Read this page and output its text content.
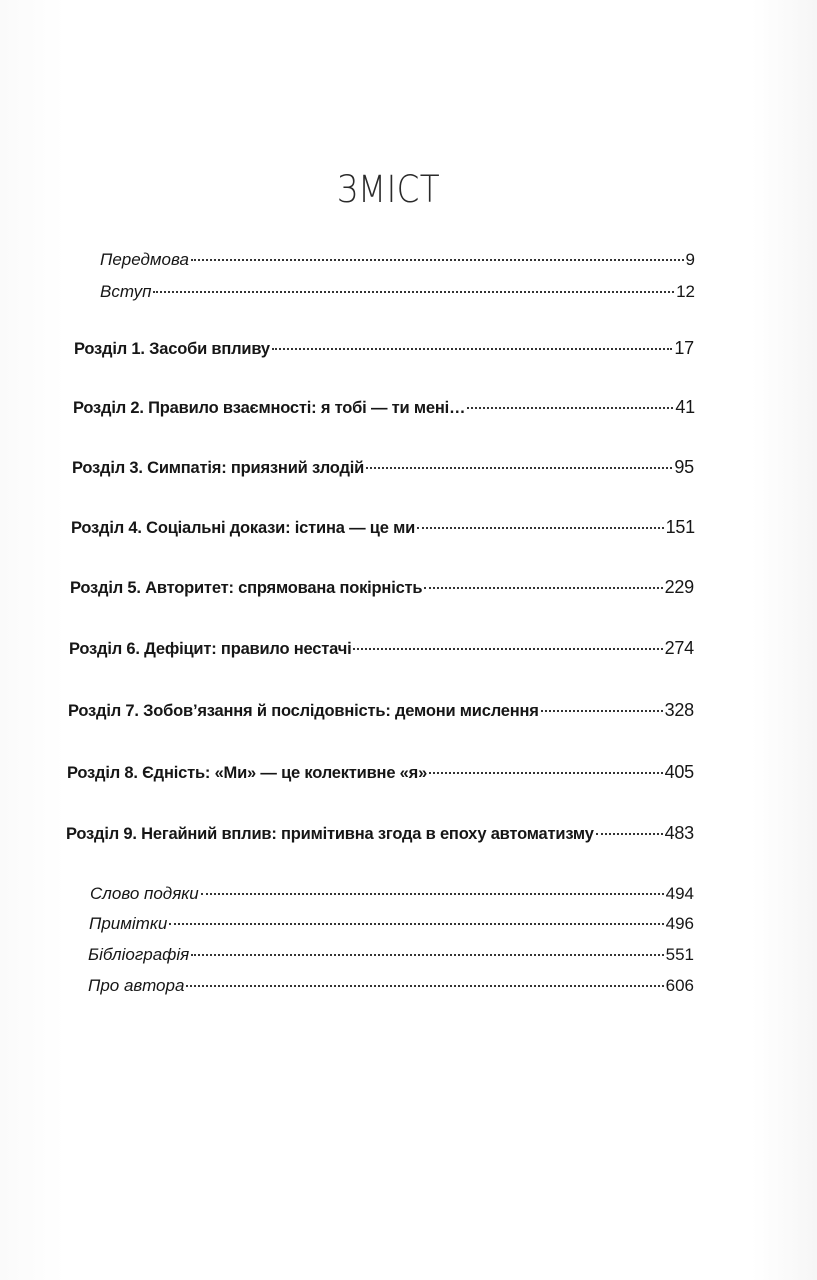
ЗМІСТ
Передмова	9
Вступ	12
Розділ 1. Засоби впливу	17
Розділ 2. Правило взаємності: я тобі — ти мені…	41
Розділ 3. Симпатія: приязний злодій	95
Розділ 4. Соціальні докази: істина — це ми	151
Розділ 5. Авторитет: спрямована покірність	229
Розділ 6. Дефіцит: правило нестачі	274
Розділ 7. Зобов’язання й послідовність: демони мислення	328
Розділ 8. Єдність: «Ми» — це колективне «я»	405
Розділ 9. Негайний вплив: примітивна згода в епоху автоматизму	483
Слово подяки	494
Примітки	496
Бібліографія	551
Про автора	606
